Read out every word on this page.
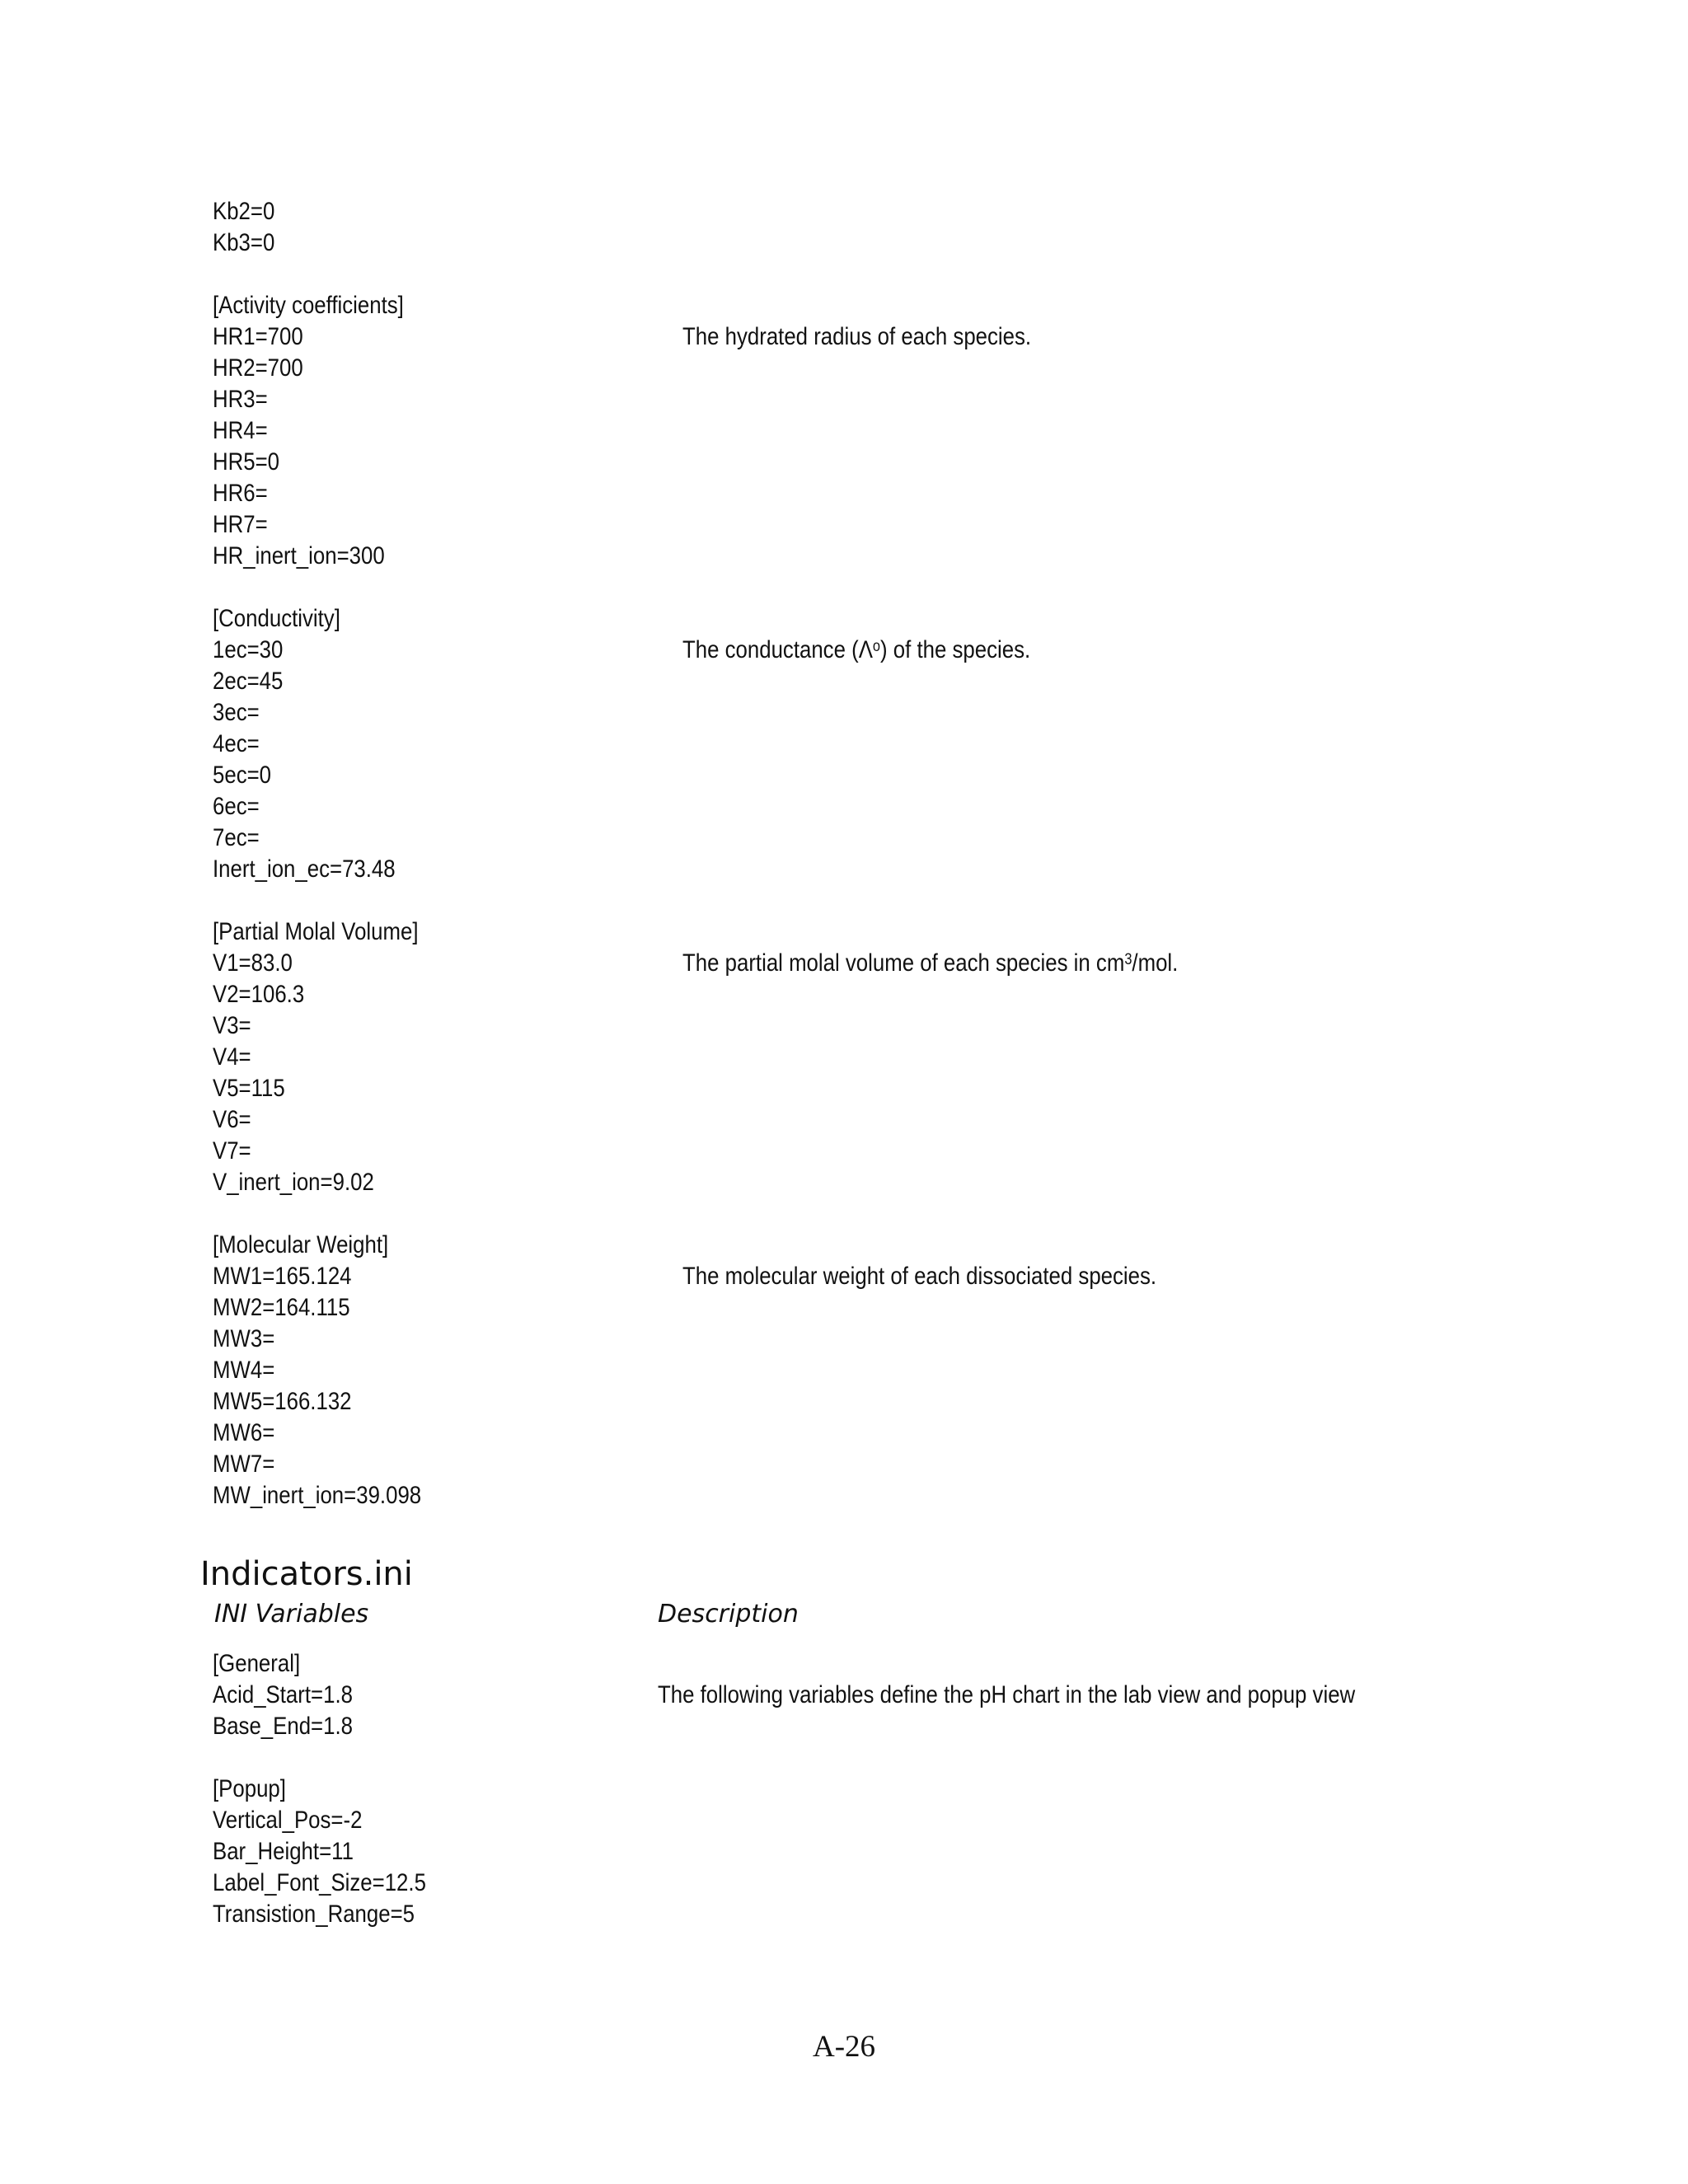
Kb2=0
Kb3=0
[Activity coefficients]
HR1=700	The hydrated radius of each species.
HR2=700
HR3=
HR4=
HR5=0
HR6=
HR7=
HR_inert_ion=300
[Conductivity]
1ec=30	The conductance $(\Lambda^o)$ of the species.
2ec=45
3ec=
4ec=
5ec=0
6ec=
7ec=
Inert_ion_ec=73.48
[Partial Molal Volume]
V1=83.0	The partial molal volume of each species in $cm^3$/mol.
V2=106.3
V3=
V4=
V5=115
V6=
V7=
V_inert_ion=9.02
[Molecular Weight]
MW1=165.124	The molecular weight of each dissociated species.
MW2=164.115
MW3=
MW4=
MW5=166.132
MW6=
MW7=
MW_inert_ion=39.098
Indicators.ini
INI Variables	Description
[General]
Acid_Start=1.8	The following variables define the pH chart in the lab view and popup view
Base_End=1.8
[Popup]
Vertical_Pos=-2
Bar_Height=11
Label_Font_Size=12.5
Transistion_Range=5
A-26
